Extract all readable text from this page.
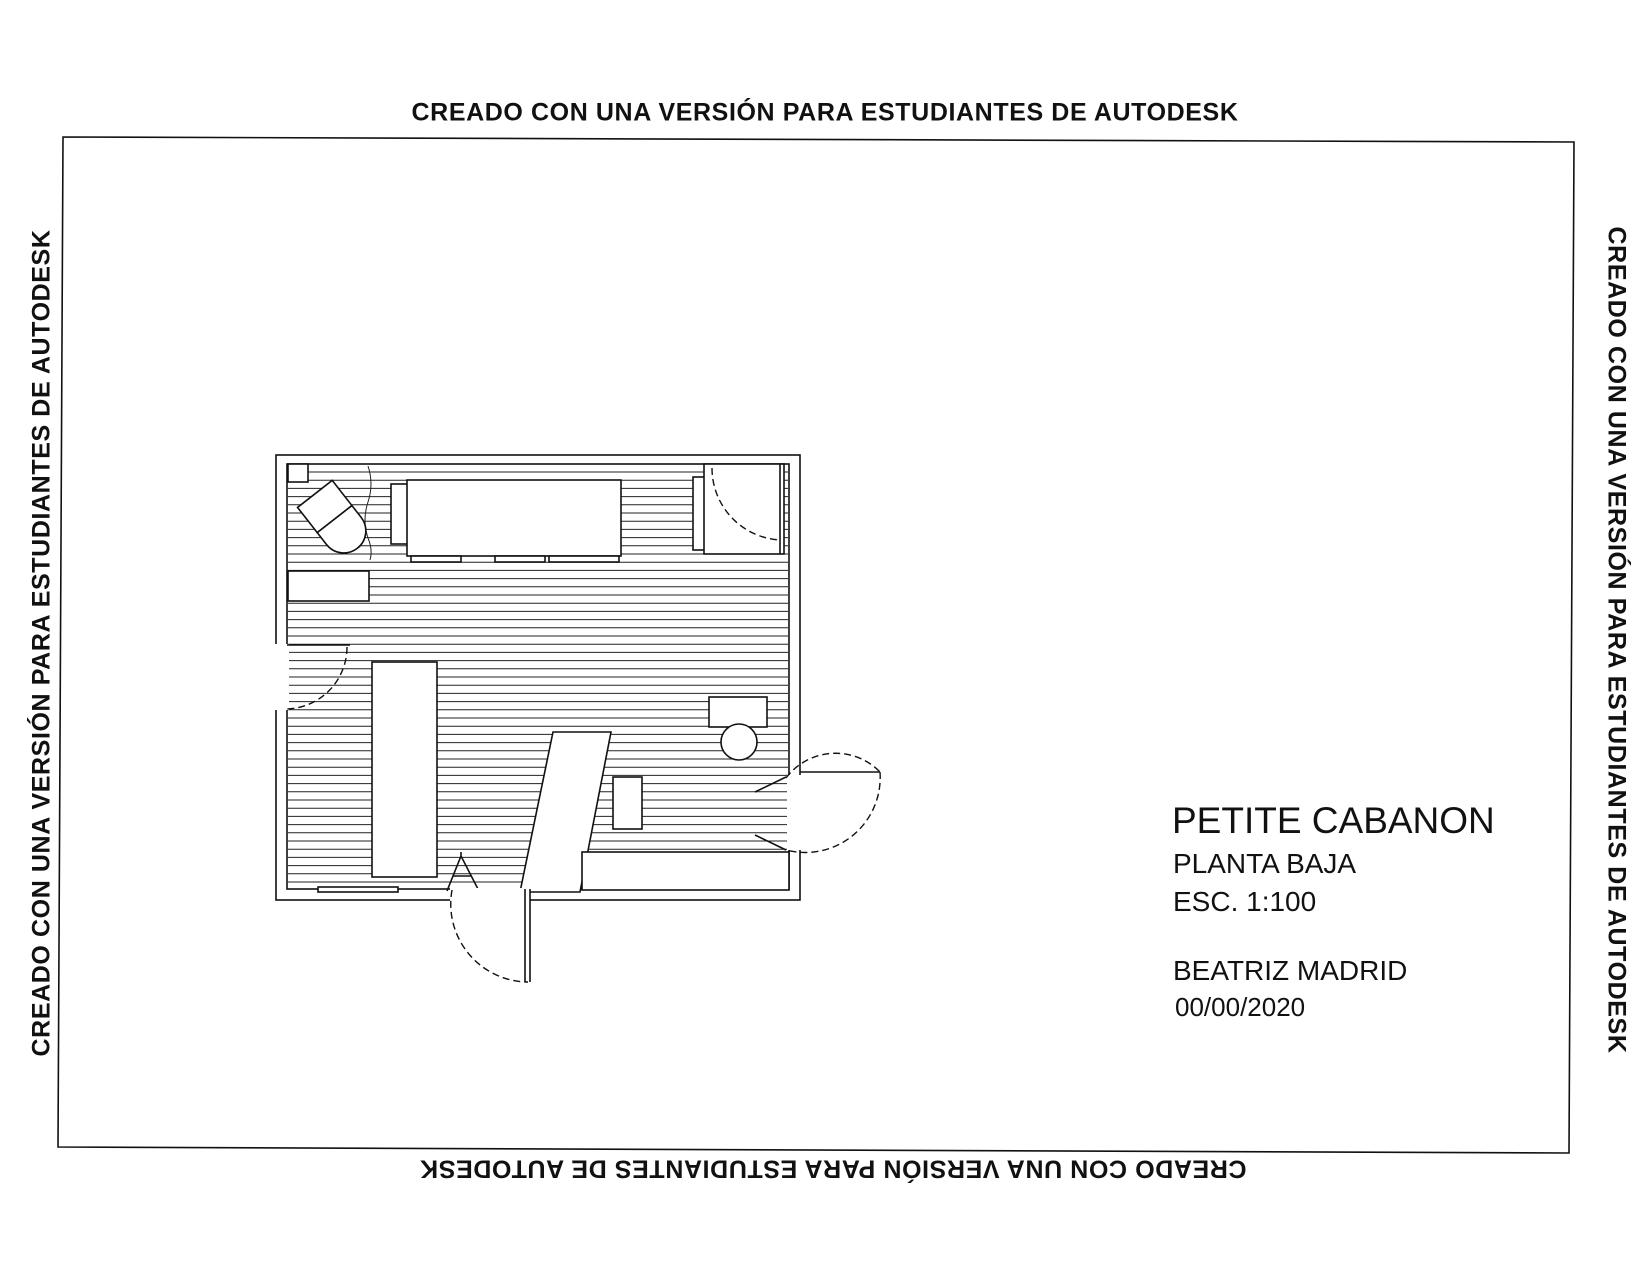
CREADO CON UNA VERSIÓN PARA ESTUDIANTES DE AUTODESK
CREADO CON UNA VERSIÓN PARA ESTUDIANTES DE AUTODESK
CREADO CON UNA VERSIÓN PARA ESTUDIANTES DE AUTODESK	CREADO CON UNA VERSIÓN PARA ESTUDIANTES DE AUTODESK
PETITE CABANON
PLANTA BAJA
ESC. 1:100
BEATRIZ MADRID
00/00/2020
